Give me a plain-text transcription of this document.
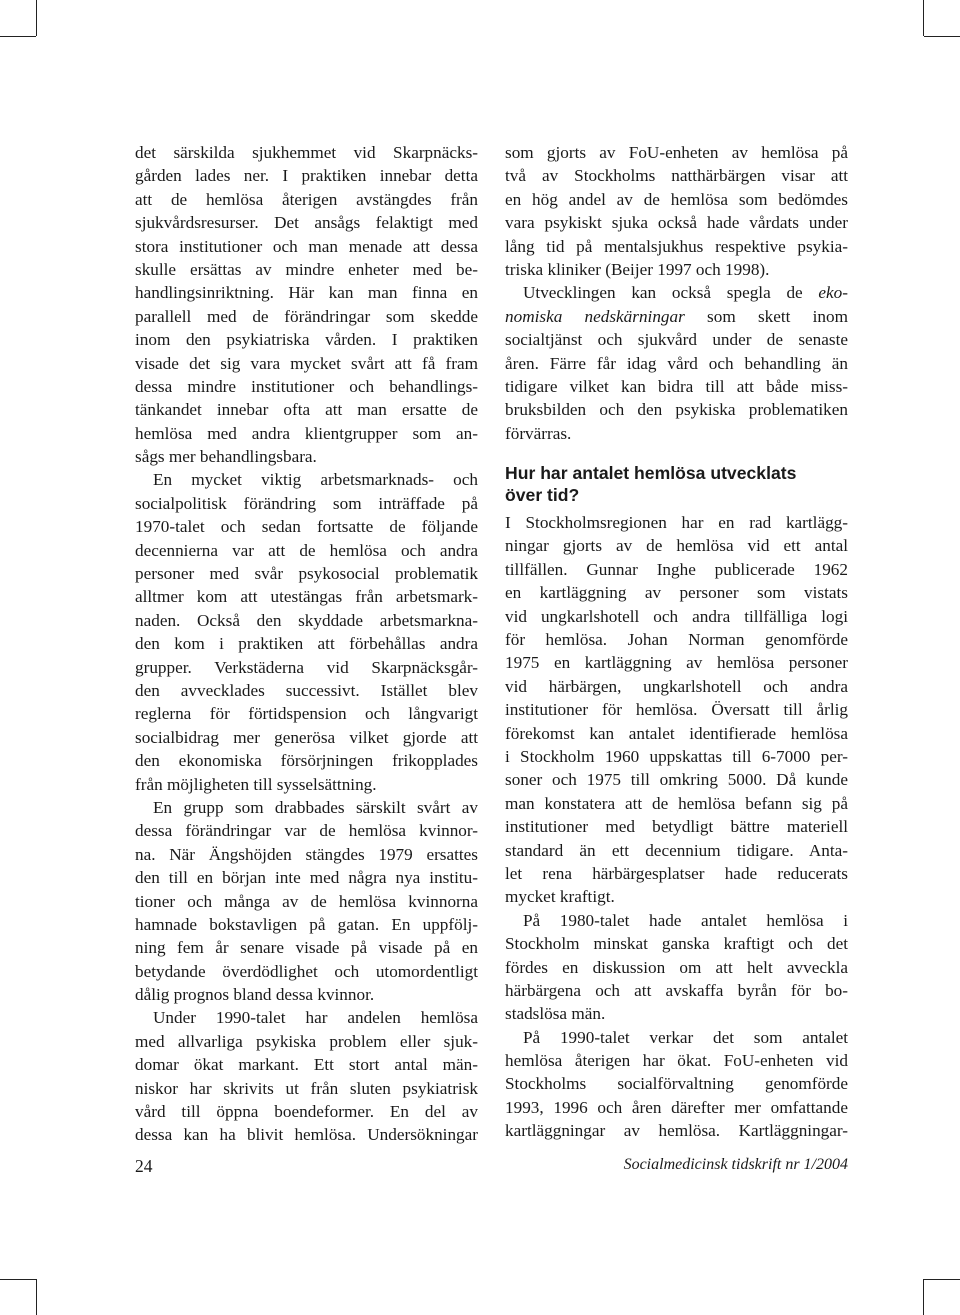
det särskilda sjukhemmet vid Skarpnäcks-
gården lades ner. I praktiken innebar detta
att de hemlösa återigen avstängdes från
sjukvårdsresurser. Det ansågs felaktigt med
stora institutioner och man menade att dessa
skulle ersättas av mindre enheter med be-
handlingsinriktning. Här kan man finna en
parallell med de förändringar som skedde
inom den psykiatriska vården. I praktiken
visade det sig vara mycket svårt att få fram
dessa mindre institutioner och behandlings-
tänkandet innebar ofta att man ersatte de
hemlösa med andra klientgrupper som an-
sågs mer behandlingsbara.
En mycket viktig arbetsmarknads- och
socialpolitisk förändring som inträffade på
1970-talet och sedan fortsatte de följande
decennierna var att de hemlösa och andra
personer med svår psykosocial problematik
alltmer kom att utestängas från arbetsmark-
naden. Också den skyddade arbetsmarkna-
den kom i praktiken att förbehållas andra
grupper. Verkstäderna vid Skarpnäcksgår-
den avvecklades successivt. Istället blev
reglerna för förtidspension och långvarigt
socialbidrag mer generösa vilket gjorde att
den ekonomiska försörjningen frikopplades
från möjligheten till sysselsättning.
En grupp som drabbades särskilt svårt av
dessa förändringar var de hemlösa kvinnor-
na. När Ängshöjden stängdes 1979 ersattes
den till en början inte med några nya institu-
tioner och många av de hemlösa kvinnorna
hamnade bokstavligen på gatan. En uppfölj-
ning fem år senare visade på visade på en
betydande överdödlighet och utomordentligt
dålig prognos bland dessa kvinnor.
Under 1990-talet har andelen hemlösa
med allvarliga psykiska problem eller sjuk-
domar ökat markant. Ett stort antal män-
niskor har skrivits ut från sluten psykiatrisk
vård till öppna boendeformer. En del av
dessa kan ha blivit hemlösa. Undersökningar
som gjorts av FoU-enheten av hemlösa på
två av Stockholms natthärbärgen visar att
en hög andel av de hemlösa som bedömdes
vara psykiskt sjuka också hade vårdats under
lång tid på mentalsjukhus respektive psykia-
triska kliniker (Beijer 1997 och 1998).
Utvecklingen kan också spegla de eko-
nomiska nedskärningar som skett inom
socialtjänst och sjukvård under de senaste
åren. Färre får idag vård och behandling än
tidigare vilket kan bidra till att både miss-
bruksbilden och den psykiska problematiken
förvärras.
Hur har antalet hemlösa utvecklats
över tid?
I Stockholmsregionen har en rad kartlägg-
ningar gjorts av de hemlösa vid ett antal
tillfällen. Gunnar Inghe publicerade 1962
en kartläggning av personer som vistats
vid ungkarlshotell och andra tillfälliga logi
för hemlösa. Johan Norman genomförde
1975 en kartläggning av hemlösa personer
vid härbärgen, ungkarlshotell och andra
institutioner för hemlösa. Översatt till årlig
förekomst kan antalet identifierade hemlösa
i Stockholm 1960 uppskattas till 6-7000 per-
soner och 1975 till omkring 5000. Då kunde
man konstatera att de hemlösa befann sig på
institutioner med betydligt bättre materiell
standard än ett decennium tidigare. Anta-
let rena härbärgesplatser hade reducerats
mycket kraftigt.
På 1980-talet hade antalet hemlösa i
Stockholm minskat ganska kraftigt och det
fördes en diskussion om att helt avveckla
härbärgena och att avskaffa byrån för bo-
stadslösa män.
På 1990-talet verkar det som antalet
hemlösa återigen har ökat. FoU-enheten vid
Stockholms socialförvaltning genomförde
1993, 1996 och åren därefter mer omfattande
kartläggningar av hemlösa. Kartläggningar-
24	Socialmedicinsk tidskrift nr 1/2004
